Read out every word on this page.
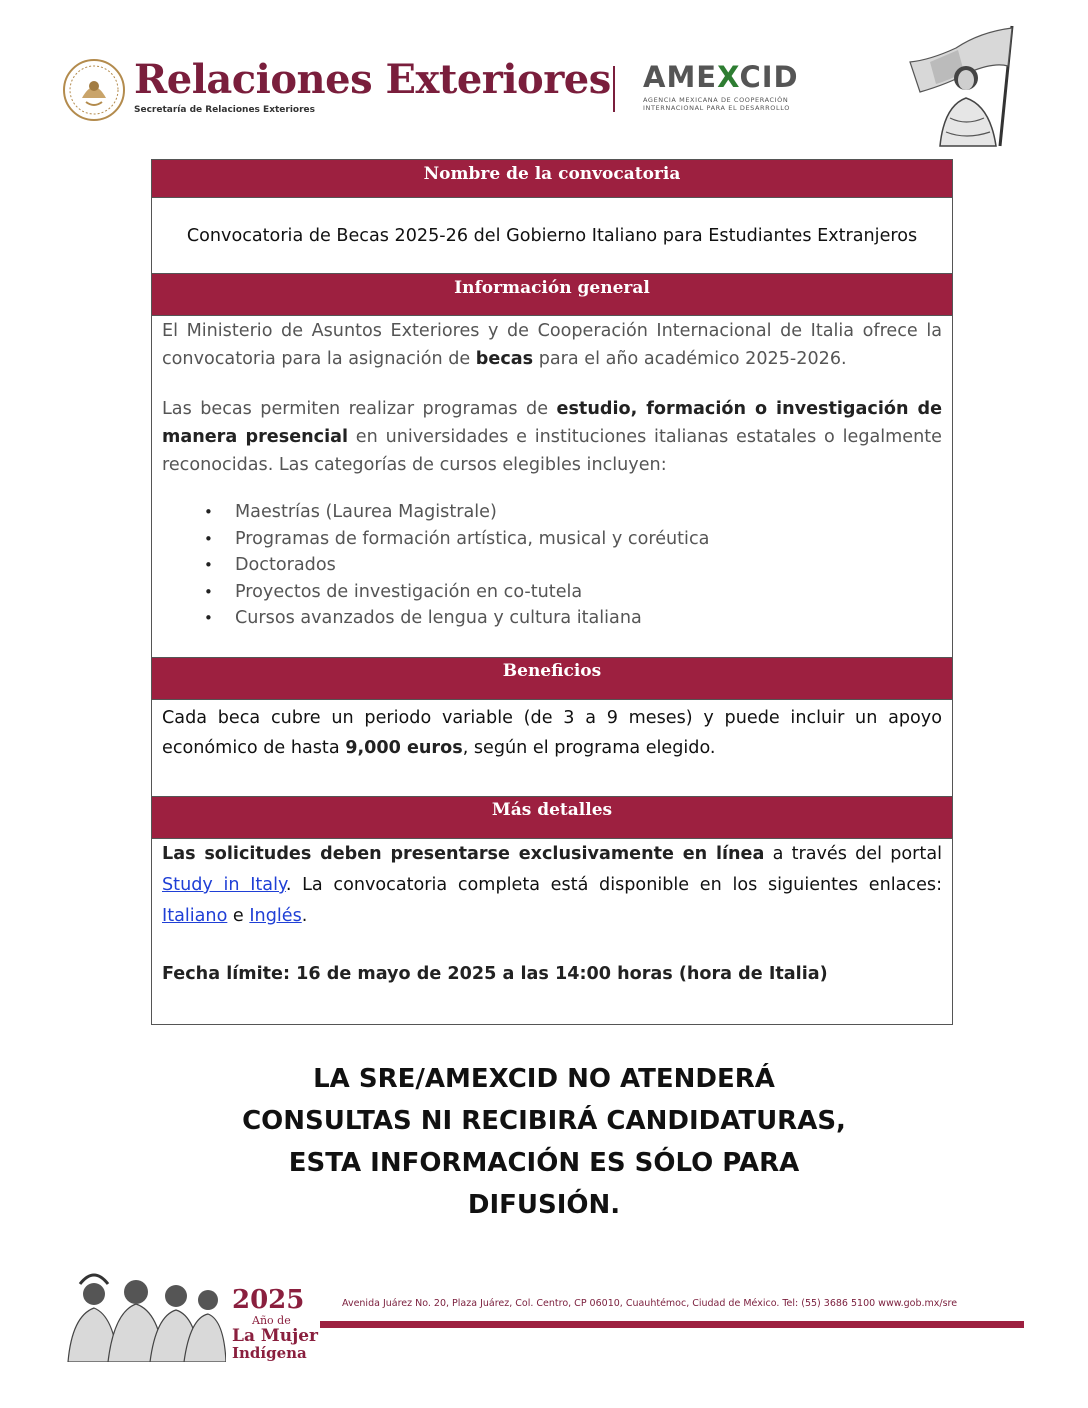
Relaciones Exteriores
Secretaría de Relaciones Exteriores
AMEXCID
AGENCIA MEXICANA DE COOPERACIÓN
INTERNACIONAL PARA EL DESARROLLO
Nombre de la convocatoria
Convocatoria de Becas 2025-26 del Gobierno Italiano para Estudiantes Extranjeros
Información general

El Ministerio de Asuntos Exteriores y de Cooperación Internacional de Italia ofrece la convocatoria para la asignación de becas para el año académico 2025-2026.

Las becas permiten realizar programas de estudio, formación o investigación de manera presencial en universidades e instituciones italianas estatales o legalmente reconocidas. Las categorías de cursos elegibles incluyen:

• Maestrías (Laurea Magistrale)
• Programas de formación artística, musical y coréutica
• Doctorados
• Proyectos de investigación en co-tutela
• Cursos avanzados de lengua y cultura italiana
Beneficios

Cada beca cubre un periodo variable (de 3 a 9 meses) y puede incluir un apoyo económico de hasta 9,000 euros, según el programa elegido.

Más detalles

Las solicitudes deben presentarse exclusivamente en línea a través del portal Study in Italy. La convocatoria completa está disponible en los siguientes enlaces: Italiano e Inglés.

Fecha límite: 16 de mayo de 2025 a las 14:00 horas (hora de Italia)

LA SRE/AMEXCID NO ATENDERÁ
CONSULTAS NI RECIBIRÁ CANDIDATURAS,
ESTA INFORMACIÓN ES SÓLO PARA
DIFUSIÓN.
2025
Año de
La Mujer
Indígena
Avenida Juárez No. 20, Plaza Juárez, Col. Centro, CP 06010, Cuauhtémoc, Ciudad de México. Tel: (55) 3686 5100 www.gob.mx/sre
